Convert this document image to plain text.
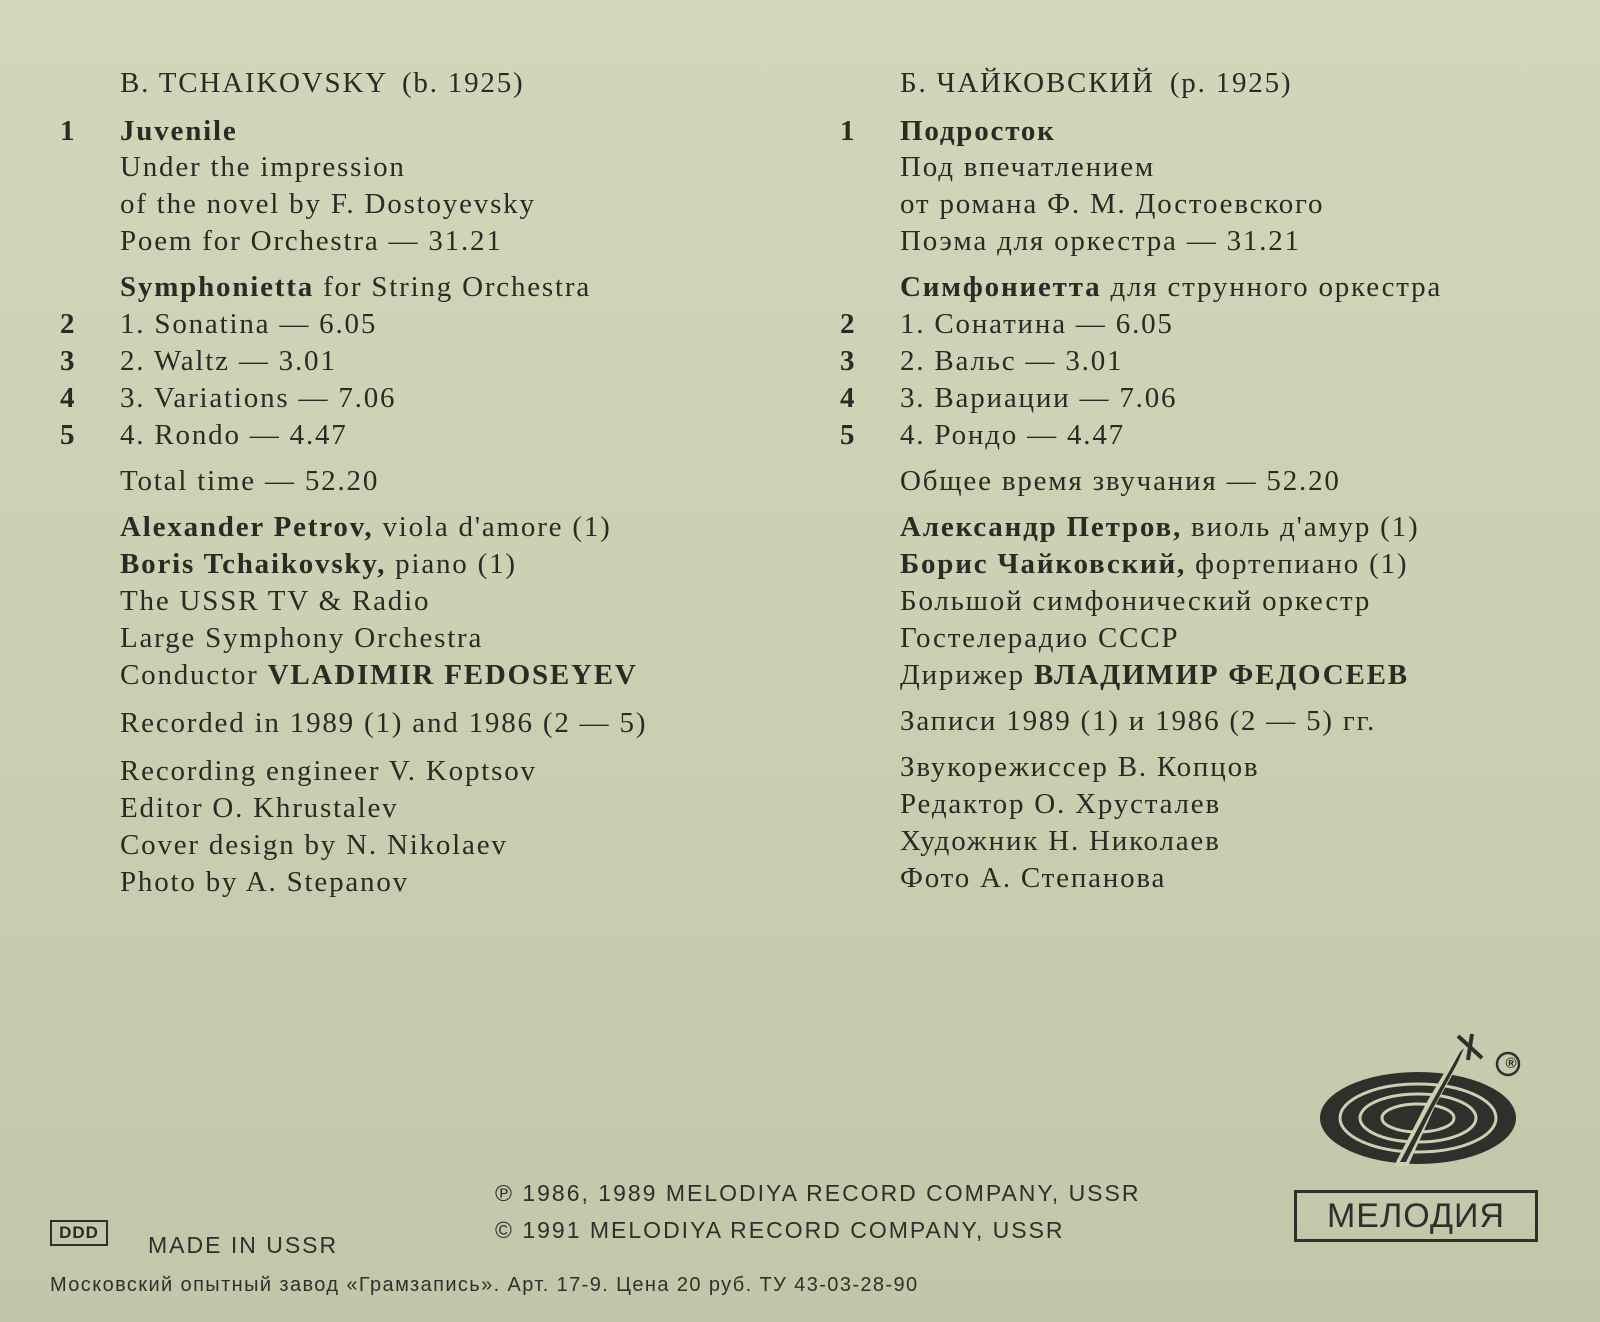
B. TCHAIKOVSKY (b. 1925)
1 Juvenile
Under the impression
of the novel by F. Dostoyevsky
Poem for Orchestra — 31.21
Symphonietta for String Orchestra
2 1. Sonatina — 6.05
3 2. Waltz — 3.01
4 3. Variations — 7.06
5 4. Rondo — 4.47
Total time — 52.20
Alexander Petrov, viola d'amore (1)
Boris Tchaikovsky, piano (1)
The USSR TV & Radio
Large Symphony Orchestra
Conductor VLADIMIR FEDOSEYEV
Recorded in 1989 (1) and 1986 (2 — 5)
Recording engineer V. Koptsov
Editor O. Khrustalev
Cover design by N. Nikolaev
Photo by A. Stepanov
Б. ЧАЙКОВСКИЙ (р. 1925)
1 Подросток
Под впечатлением
от романа Ф. М. Достоевского
Поэма для оркестра — 31.21
Симфониетта для струнного оркестра
2 1. Сонатина — 6.05
3 2. Вальс — 3.01
4 3. Вариации — 7.06
5 4. Рондо — 4.47
Общее время звучания — 52.20
Александр Петров, виоль д'амур (1)
Борис Чайковский, фортепиано (1)
Большой симфонический оркестр
Гостелерадио СССР
Дирижер ВЛАДИМИР ФЕДОСЕЕВ
Записи 1989 (1) и 1986 (2 — 5) гг.
Звукорежиссер В. Копцов
Редактор О. Хрусталев
Художник Н. Николаев
Фото А. Степанова
®
МЕЛОДИЯ
DDD	MADE IN USSR
℗ 1986, 1989 MELODIYA RECORD COMPANY, USSR
© 1991 MELODIYA RECORD COMPANY, USSR
Московский опытный завод «Грамзапись». Арт. 17-9. Цена 20 руб. ТУ 43-03-28-90
